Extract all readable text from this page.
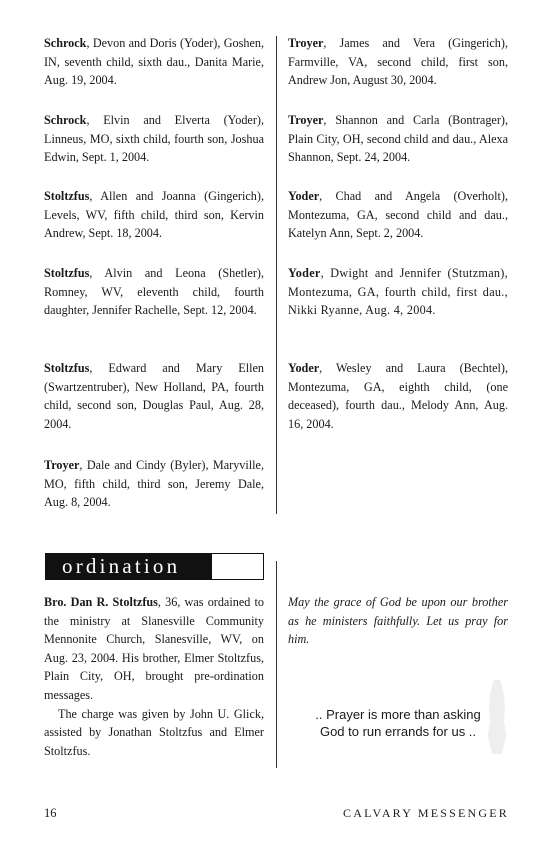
Schrock, Devon and Doris (Yoder), Goshen, IN, seventh child, sixth dau., Danita Marie, Aug. 19, 2004.

Schrock, Elvin and Elverta (Yoder), Linneus, MO, sixth child, fourth son, Joshua Edwin, Sept. 1, 2004.

Stoltzfus, Allen and Joanna (Gingerich), Levels, WV, fifth child, third son, Kervin Andrew, Sept. 18, 2004.

Stoltzfus, Alvin and Leona (Shetler), Romney, WV, eleventh child, fourth daughter, Jennifer Rachelle, Sept. 12, 2004.

Stoltzfus, Edward and Mary Ellen (Swartzentruber), New Holland, PA, fourth child, second son, Douglas Paul, Aug. 28, 2004.

Troyer, Dale and Cindy (Byler), Maryville, MO, fifth child, third son, Jeremy Dale, Aug. 8, 2004.

Troyer, James and Vera (Gingerich), Farmville, VA, second child, first son, Andrew Jon, August 30, 2004.

Troyer, Shannon and Carla (Bontrager), Plain City, OH, second child and dau., Alexa Shannon, Sept. 24, 2004.

Yoder, Chad and Angela (Overholt), Montezuma, GA, second child and dau., Katelyn Ann, Sept. 2, 2004.

Yoder, Dwight and Jennifer (Stutzman), Montezuma, GA, fourth child, first dau., Nikki Ryanne, Aug. 4, 2004.

Yoder, Wesley and Laura (Bechtel), Montezuma, GA, eighth child, (one deceased), fourth dau., Melody Ann, Aug. 16, 2004.

ordination

Bro. Dan R. Stoltzfus, 36, was ordained to the ministry at Slanesville Community Mennonite Church, Slanesville, WV, on Aug. 23, 2004. His brother, Elmer Stoltzfus, Plain City, OH, brought pre-ordination messages.

The charge was given by John U. Glick, assisted by Jonathan Stoltzfus and Elmer Stoltzfus.

May the grace of God be upon our brother as he ministers faithfully. Let us pray for him.
.. Prayer is more than asking
God to run errands for us ..
16	CALVARY MESSENGER
